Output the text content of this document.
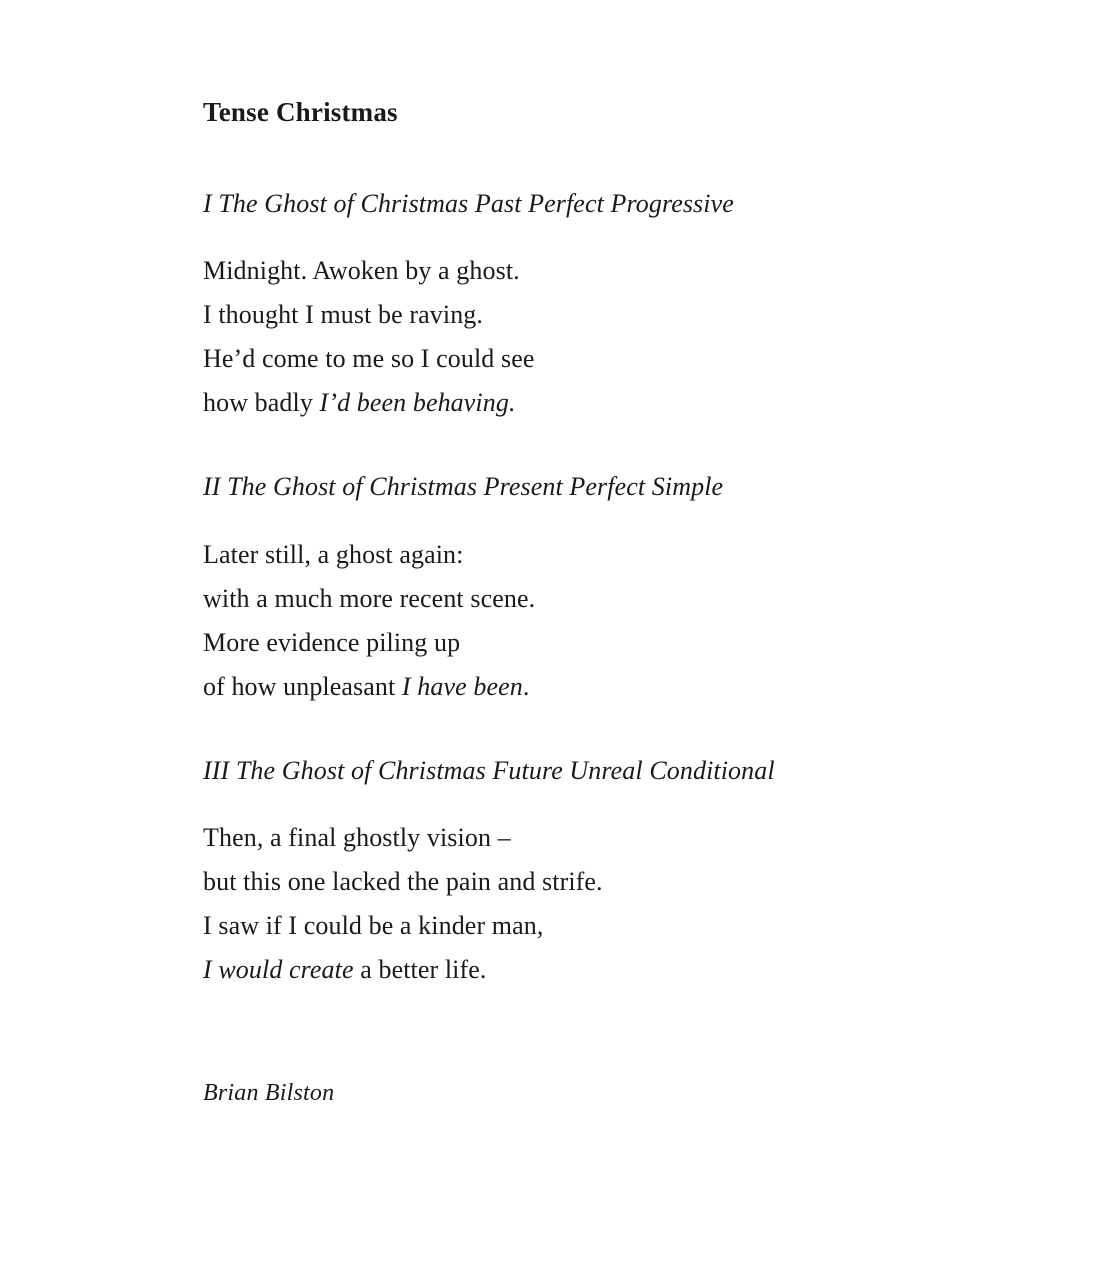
Tense Christmas
I The Ghost of Christmas Past Perfect Progressive
Midnight. Awoken by a ghost.
I thought I must be raving.
He’d come to me so I could see
how badly I’d been behaving.
II The Ghost of Christmas Present Perfect Simple
Later still, a ghost again:
with a much more recent scene.
More evidence piling up
of how unpleasant I have been.
III The Ghost of Christmas Future Unreal Conditional
Then, a final ghostly vision –
but this one lacked the pain and strife.
I saw if I could be a kinder man,
I would create a better life.
Brian Bilston
